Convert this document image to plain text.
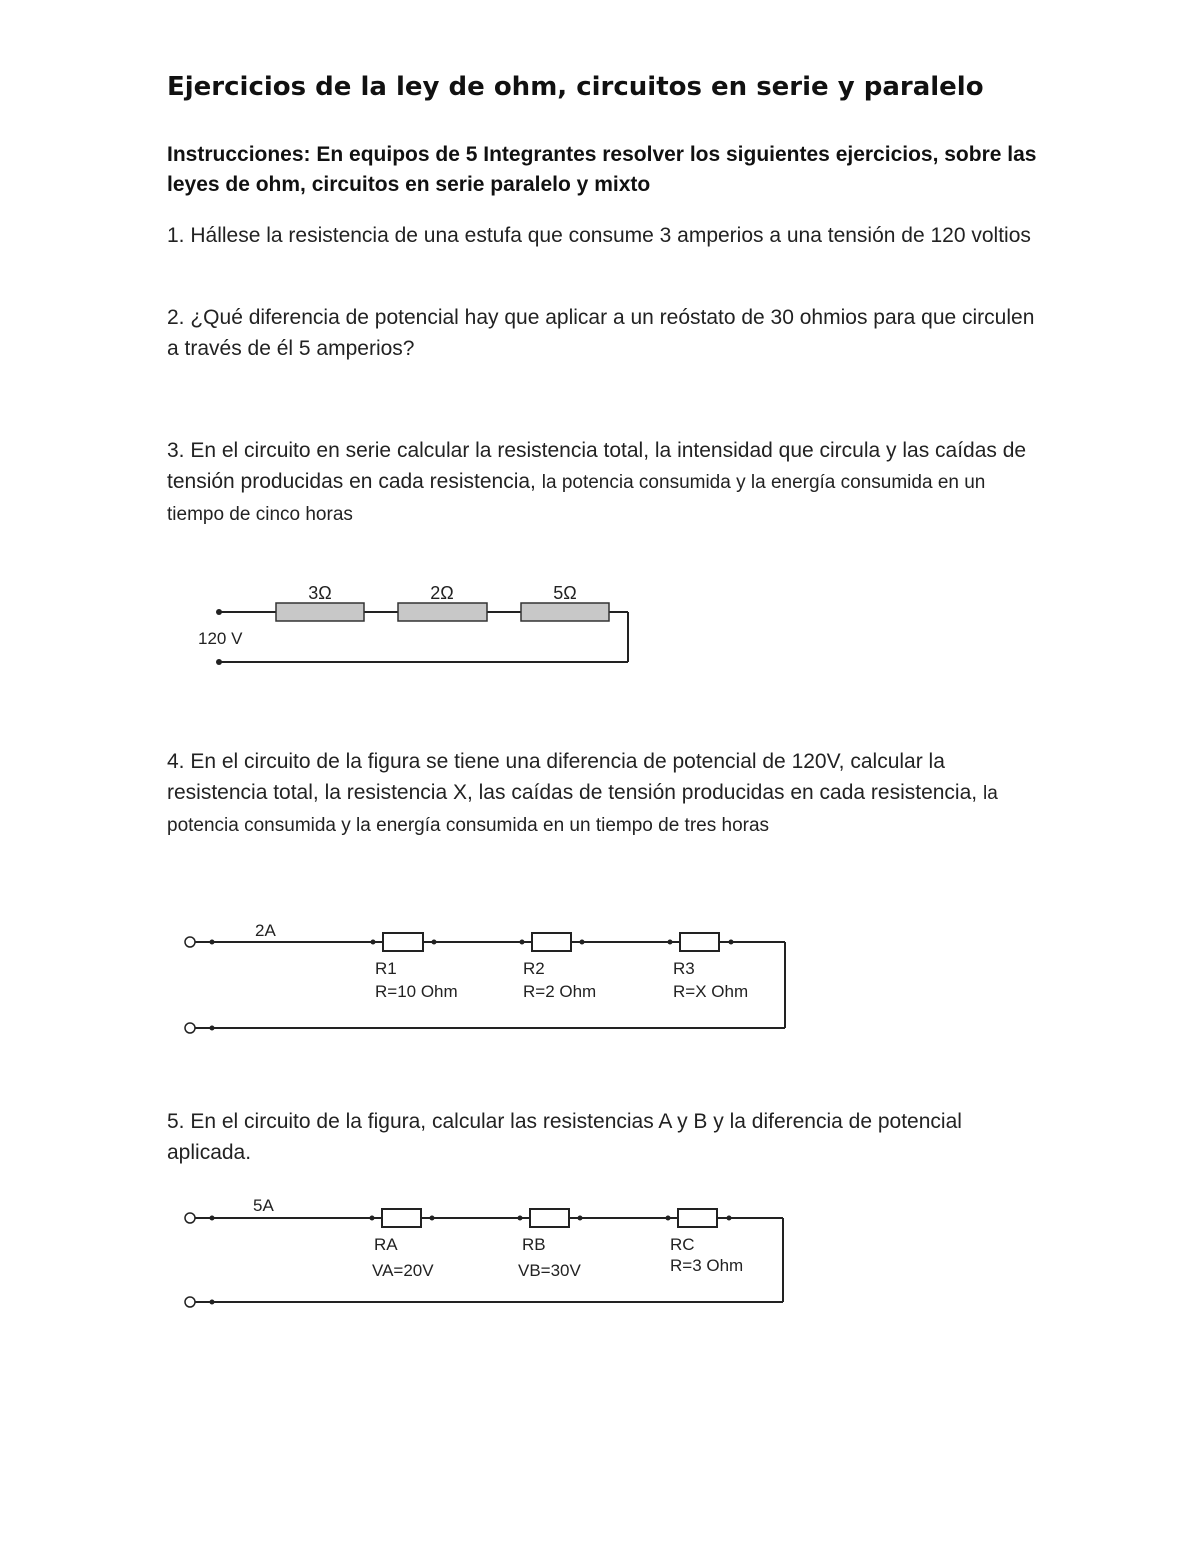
Ejercicios de la ley de ohm, circuitos en serie y paralelo
Instrucciones: En equipos de 5 Integrantes resolver los siguientes ejercicios, sobre las leyes de ohm, circuitos en serie paralelo y mixto
1. Hállese la resistencia de una estufa que consume 3 amperios a una tensión de 120 voltios
2. ¿Qué diferencia de potencial hay que aplicar a un reóstato de 30 ohmios para que circulen a través de él 5 amperios?
3. En el circuito en serie calcular la resistencia total, la intensidad que circula y las caídas de tensión producidas en cada resistencia, la potencia consumida y la energía consumida en un tiempo de cinco horas
3Ω	2Ω	5Ω
120 V
4. En el circuito de la figura se tiene una diferencia de potencial de 120V, calcular la resistencia total, la resistencia X, las caídas de tensión producidas en cada resistencia, la potencia consumida y la energía consumida en un tiempo de tres horas
2A
R1
R=10 Ohm
R2
R=2 Ohm
R3
R=X Ohm
5. En el circuito de la figura, calcular las resistencias A y B y la diferencia de potencial aplicada.
5A
RA
VA=20V
RB
VB=30V
RC
R=3 Ohm
